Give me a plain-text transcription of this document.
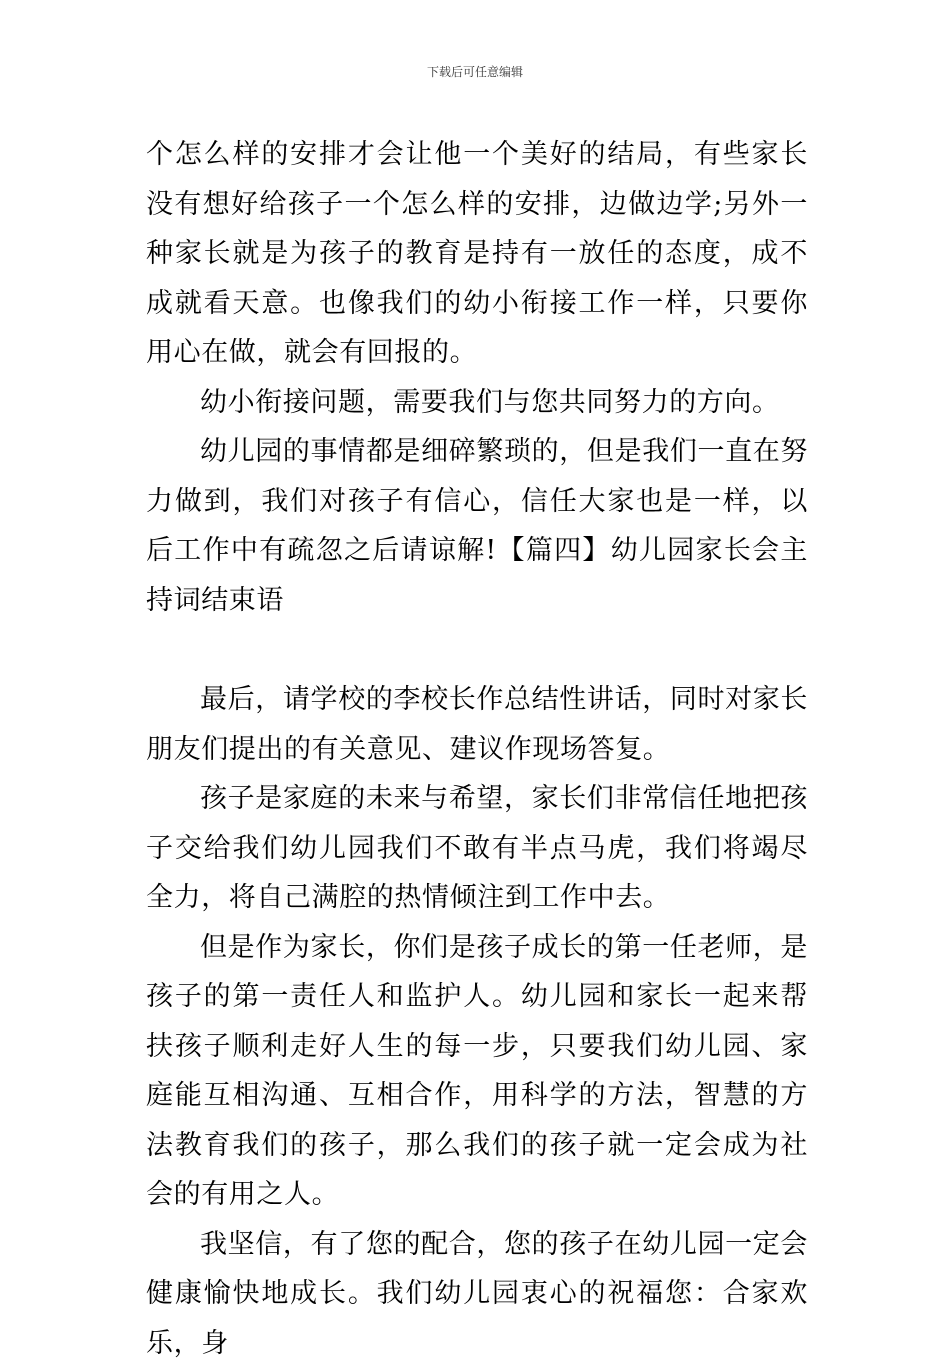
下载后可任意编辑

个怎么样的安排才会让他一个美好的结局，有些家长没有想好给孩子一个怎么样的安排，边做边学;另外一种家长就是为孩子的教育是持有一放任的态度，成不成就看天意。也像我们的幼小衔接工作一样，只要你用心在做，就会有回报的。

幼小衔接问题，需要我们与您共同努力的方向。

幼儿园的事情都是细碎繁琐的，但是我们一直在努力做到，我们对孩子有信心，信任大家也是一样，以后工作中有疏忽之后请谅解!【篇四】幼儿园家长会主持词结束语

最后，请学校的李校长作总结性讲话，同时对家长朋友们提出的有关意见、建议作现场答复。

孩子是家庭的未来与希望，家长们非常信任地把孩子交给我们幼儿园我们不敢有半点马虎，我们将竭尽全力，将自己满腔的热情倾注到工作中去。

但是作为家长，你们是孩子成长的第一任老师，是孩子的第一责任人和监护人。幼儿园和家长一起来帮扶孩子顺利走好人生的每一步，只要我们幼儿园、家庭能互相沟通、互相合作，用科学的方法，智慧的方法教育我们的孩子，那么我们的孩子就一定会成为社会的有用之人。

我坚信，有了您的配合，您的孩子在幼儿园一定会健康愉快地成长。我们幼儿园衷心的祝福您：合家欢乐，身
